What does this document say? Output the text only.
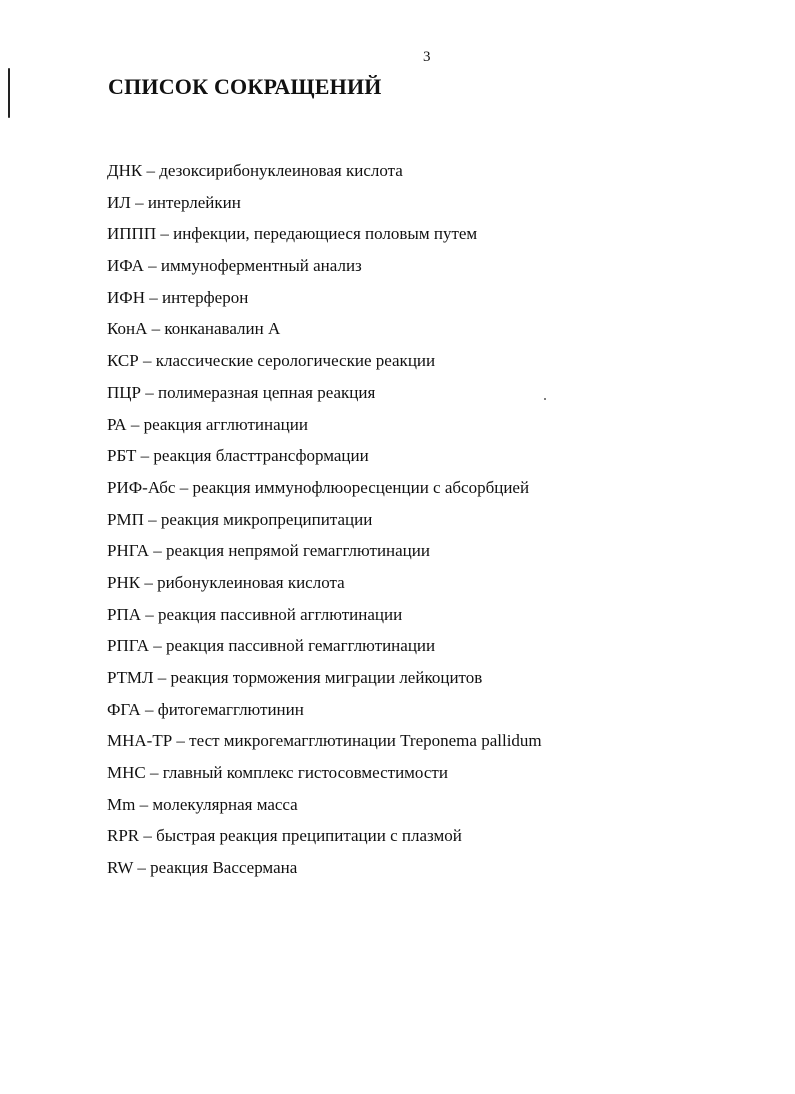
3
СПИСОК СОКРАЩЕНИЙ
ДНК – дезоксирибонуклеиновая кислота
ИЛ – интерлейкин
ИППП – инфекции, передающиеся половым путем
ИФА – иммуноферментный анализ
ИФН – интерферон
КонА – конканавалин А
КСР – классические серологические реакции
ПЦР – полимеразная цепная реакция
РА – реакция агглютинации
РБТ – реакция бласттрансформации
РИФ-Абс – реакция иммунофлюоресценции с абсорбцией
РМП – реакция микропреципитации
РНГА – реакция непрямой гемагглютинации
РНК – рибонуклеиновая кислота
РПА – реакция пассивной агглютинации
РПГА – реакция пассивной гемагглютинации
РТМЛ – реакция торможения миграции лейкоцитов
ФГА – фитогемагглютинин
МНА-ТР – тест микрогемагглютинации Treponema pallidum
МНС – главный комплекс гистосовместимости
Mm – молекулярная масса
RPR – быстрая реакция преципитации с плазмой
RW – реакция Вассермана
